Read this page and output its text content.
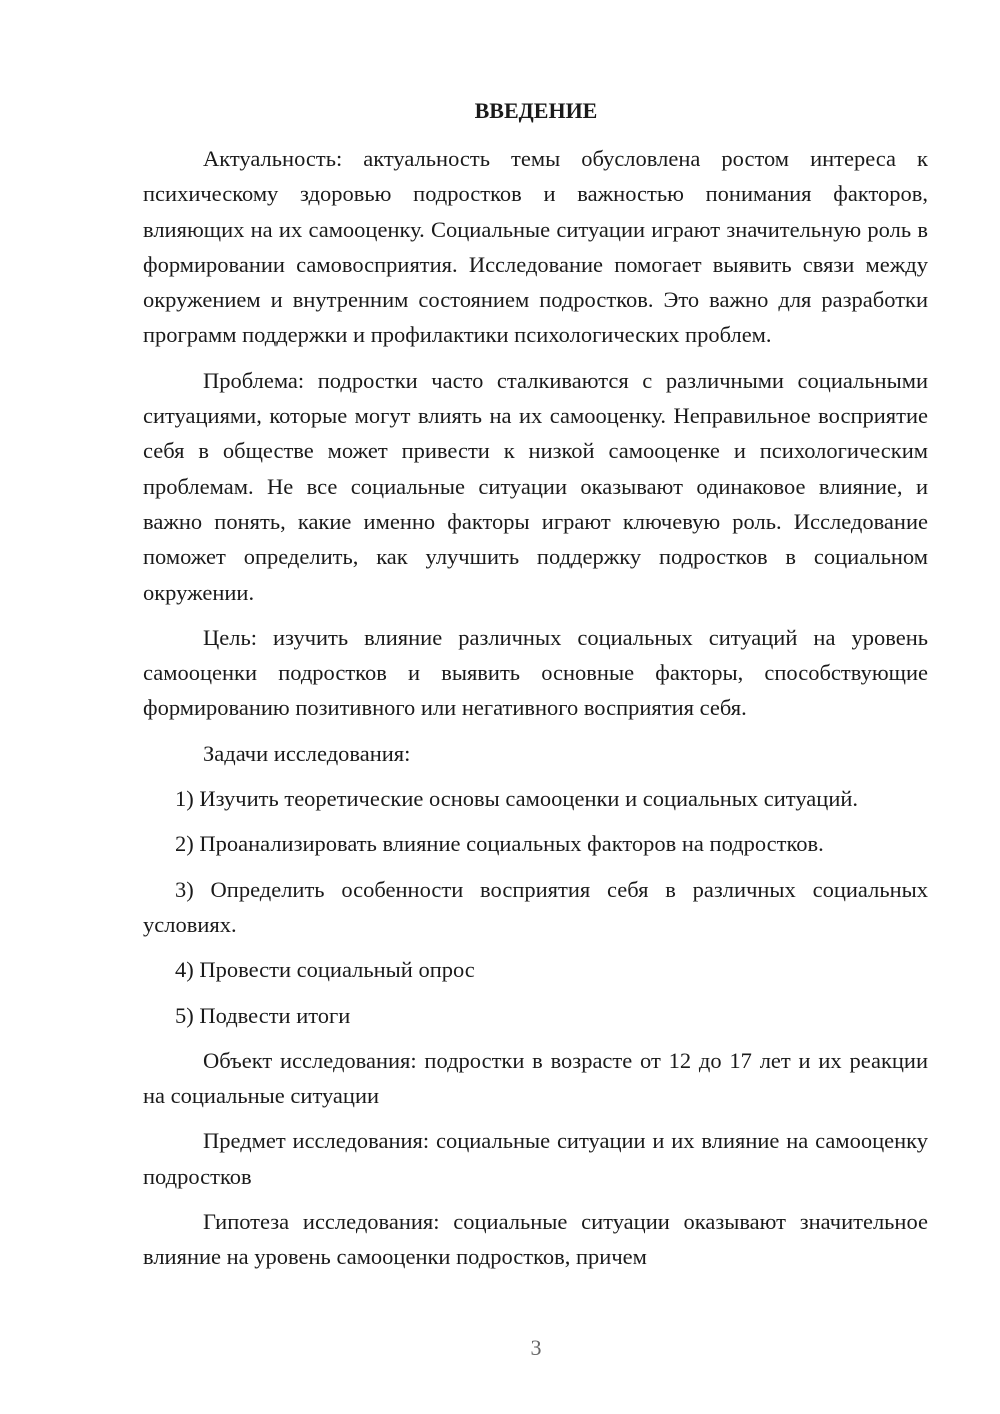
ВВЕДЕНИЕ

Актуальность: актуальность темы обусловлена ростом интереса к психическому здоровью подростков и важностью понимания факторов, влияющих на их самооценку. Социальные ситуации играют значительную роль в формировании самовосприятия. Исследование помогает выявить связи между окружением и внутренним состоянием подростков. Это важно для разработки программ поддержки и профилактики психологических проблем.

Проблема: подростки часто сталкиваются с различными социальными ситуациями, которые могут влиять на их самооценку. Неправильное восприятие себя в обществе может привести к низкой самооценке и психологическим проблемам. Не все социальные ситуации оказывают одинаковое влияние, и важно понять, какие именно факторы играют ключевую роль. Исследование поможет определить, как улучшить поддержку подростков в социальном окружении.

Цель: изучить влияние различных социальных ситуаций на уровень самооценки подростков и выявить основные факторы, способствующие формированию позитивного или негативного восприятия себя.

Задачи исследования:

1) Изучить теоретические основы самооценки и социальных ситуаций.

2) Проанализировать влияние социальных факторов на подростков.

3) Определить особенности восприятия себя в различных социальных условиях.

4) Провести социальный опрос

5) Подвести итоги

Объект исследования: подростки в возрасте от 12 до 17 лет и их реакции на социальные ситуации

Предмет исследования: социальные ситуации и их влияние на самооценку подростков

Гипотеза исследования: социальные ситуации оказывают значительное влияние на уровень самооценки подростков, причем

3
